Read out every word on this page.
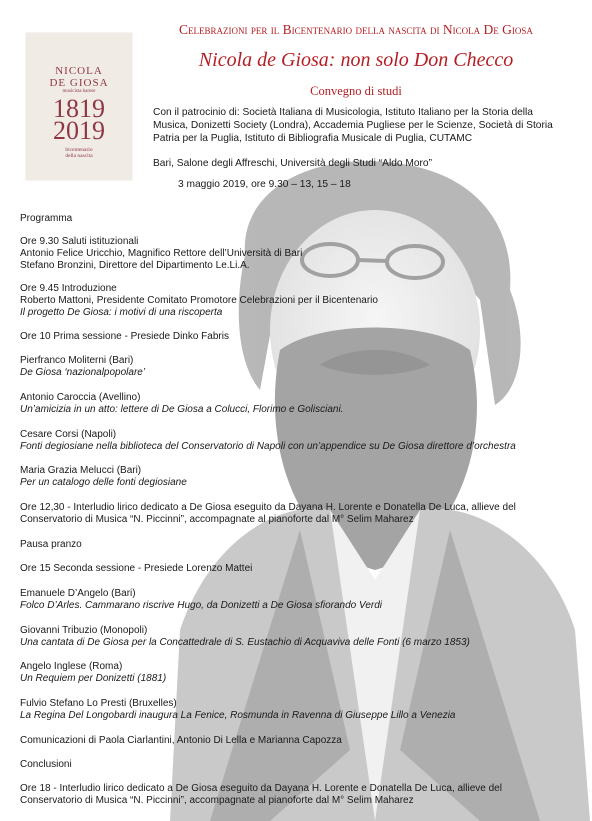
NICOLA
DE GIOSA
musicista barese
1819
2019
bicentenario
della nascita
Celebrazioni per il Bicentenario della nascita di Nicola De Giosa
Nicola de Giosa: non solo Don Checco
Convegno di studi
Con il patrocinio di: Società Italiana di Musicologia, Istituto Italiano per la Storia della
Musica, Donizetti Society (Londra), Accademia Pugliese per le Scienze, Società di Storia
Patria per la Puglia, Istituto di Bibliografia Musicale di Puglia, CUTAMC
Bari, Salone degli Affreschi, Università degli Studi “Aldo Moro”
3 maggio 2019, ore 9.30 – 13, 15 – 18
Programma
Ore 9.30 Saluti istituzionali
Antonio Felice Uricchio, Magnifico Rettore dell’Università di Bari
Stefano Bronzini, Direttore del Dipartimento Le.Li.A.
Ore 9.45 Introduzione
Roberto Mattoni, Presidente Comitato Promotore Celebrazioni per il Bicentenario
Il progetto De Giosa: i motivi di una riscoperta
Ore 10 Prima sessione - Presiede Dinko Fabris
Pierfranco Moliterni (Bari)
De Giosa ‘nazionalpopolare’
Antonio Caroccia (Avellino)
Un’amicizia in un atto: lettere di De Giosa a Colucci, Florimo e Golisciani.
Cesare Corsi (Napoli)
Fonti degiosiane nella biblioteca del Conservatorio di Napoli con un’appendice su De Giosa direttore d’orchestra
Maria Grazia Melucci (Bari)
Per un catalogo delle fonti degiosiane
Ore 12,30 - Interludio lirico dedicato a De Giosa eseguito da Dayana H. Lorente e Donatella De Luca, allieve del
Conservatorio di Musica “N. Piccinni”, accompagnate al pianoforte dal M° Selim Maharez
Pausa pranzo
Ore 15 Seconda sessione - Presiede Lorenzo Mattei
Emanuele D’Angelo (Bari)
Folco D’Arles. Cammarano riscrive Hugo, da Donizetti a De Giosa sfiorando Verdi
Giovanni Tribuzio (Monopoli)
Una cantata di De Giosa per la Concattedrale di S. Eustachio di Acquaviva delle Fonti (6 marzo 1853)
Angelo Inglese (Roma)
Un Requiem per Donizetti (1881)
Fulvio Stefano Lo Presti (Bruxelles)
La Regina Del Longobardi inaugura La Fenice, Rosmunda in Ravenna di Giuseppe Lillo a Venezia
Comunicazioni di Paola Ciarlantini, Antonio Di Lella e Marianna Capozza
Conclusioni
Ore 18 - Interludio lirico dedicato a De Giosa eseguito da Dayana H. Lorente e Donatella De Luca, allieve del
Conservatorio di Musica “N. Piccinni”, accompagnate al pianoforte dal M° Selim Maharez
